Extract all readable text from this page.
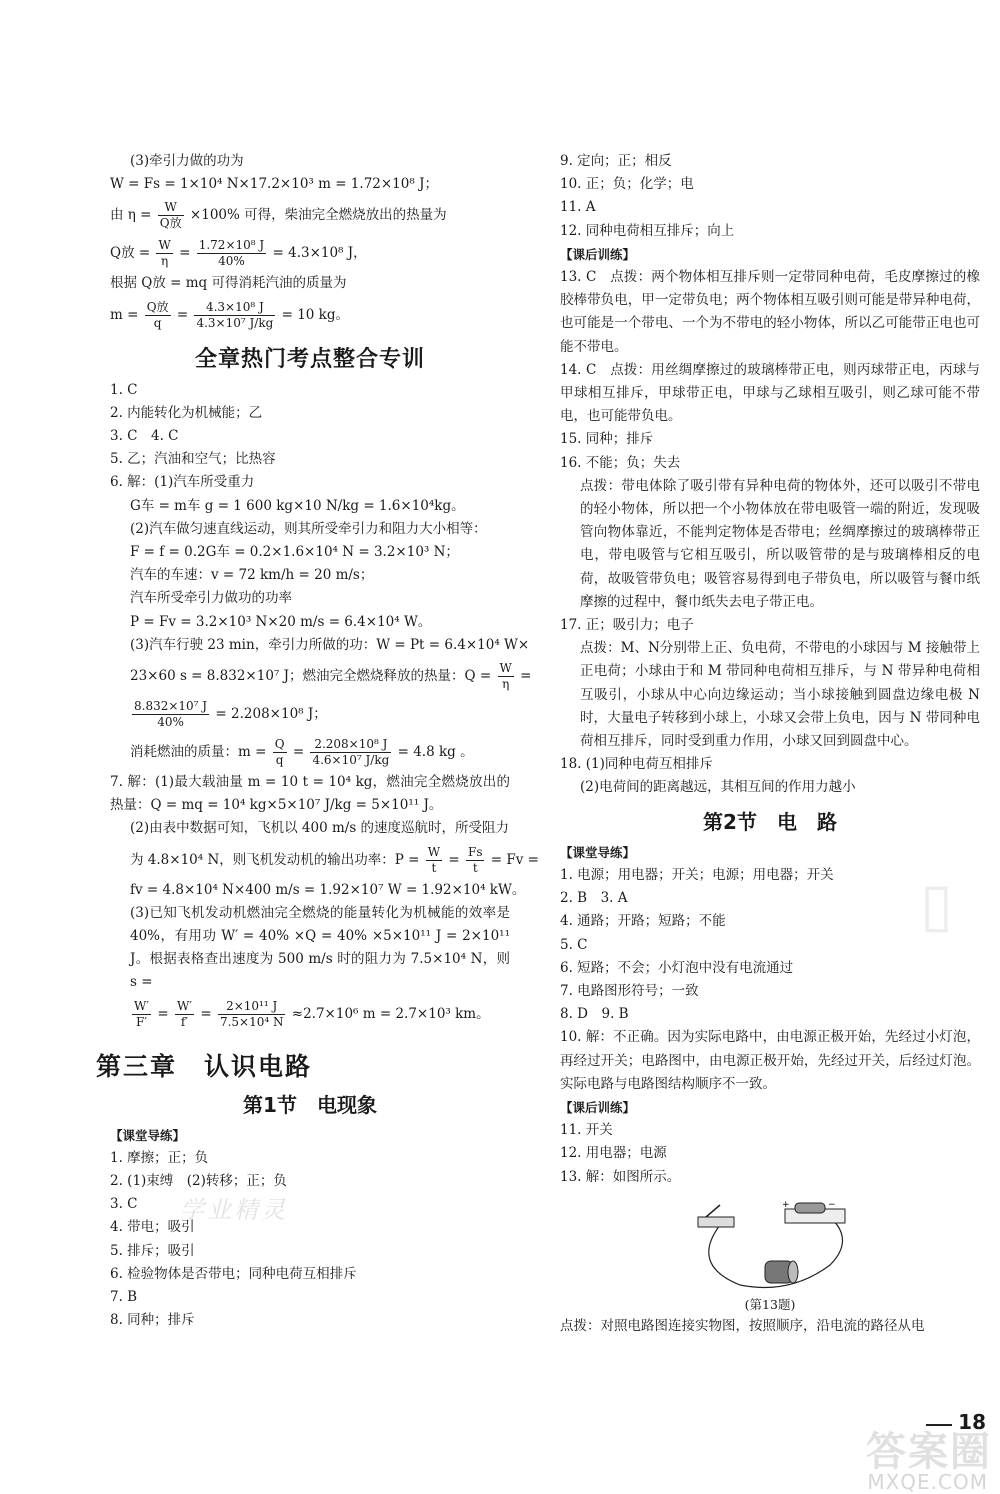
学业精灵
(3)牵引力做的功为
W = Fs = 1×10⁴ N×17.2×10³ m = 1.72×10⁸ J；
由 $\eta = \frac{W}{\text{Q放}} \times 100\%$ 可得，柴油完全燃烧放出的热量为
Q放 = $\frac{W}{\eta} = \frac{\text{1.72×10⁸ J}}{40\%} = 4.3\times 10^8$ J，
根据 Q放 = mq 可得消耗汽油的质量为
$m = \frac{\text{Q放}}{q} = \frac{\text{4.3×10⁸ J}}{\text{4.3×10⁷ J/kg}} = 10$ kg。
全章热门考点整合专训
1. C
2. 内能转化为机械能；乙
3. C　4. C
5. 乙；汽油和空气；比热容
6. 解：(1)汽车所受重力
G车 = m车 g = 1 600 kg×10 N/kg = 1.6×10⁴kg。
(2)汽车做匀速直线运动，则其所受牵引力和阻力大小相等：
F = f = 0.2G车 = 0.2×1.6×10⁴ N = 3.2×10³ N；
汽车的车速：v = 72 km/h = 20 m/s；
汽车所受牵引力做功的功率
P = Fv = 3.2×10³ N×20 m/s = 6.4×10⁴ W。
(3)汽车行驶 23 min，牵引力所做的功：W = Pt = 6.4×10⁴ W×
23×60 s = 8.832×10⁷ J；燃油完全燃烧释放的热量：$Q = \frac{W}{\eta}$ =
$\frac{\text{8.832×10⁷ J}}{40\%} = 2.208\times 10^8$ J；
消耗燃油的质量：$m = \frac{Q}{q} = \frac{\text{2.208×10⁸ J}}{\text{4.6×10⁷ J/kg}} = 4.8$ kg 。
7. 解：(1)最大载油量 m = 10 t = 10⁴ kg，燃油完全燃烧放出的热量：Q = mq = 10⁴ kg×5×10⁷ J/kg = 5×10¹¹ J。
(2)由表中数据可知，飞机以 400 m/s 的速度巡航时，所受阻力
为 4.8×10⁴ N，则飞机发动机的输出功率：$P = \frac{W}{t} = \frac{Fs}{t} = Fv$ =
fv = 4.8×10⁴ N×400 m/s = 1.92×10⁷ W = 1.92×10⁴ kW。
(3)已知飞机发动机燃油完全燃烧的能量转化为机械能的效率是40%，有用功 W′ = 40% ×Q = 40% ×5×10¹¹ J = 2×10¹¹ J。根据表格查出速度为 500 m/s 时的阻力为 7.5×10⁴ N，则 s =
$\frac{W'}{F'} = \frac{W'}{f'} = \frac{\text{2×10¹¹ J}}{\text{7.5×10⁴ N}} \approx 2.7\times 10^6$ m = 2.7×10³ km。
第三章　认识电路
第1节　电现象
【课堂导练】
1. 摩擦；正；负
2. (1)束缚　(2)转移；正；负
3. C
4. 带电；吸引
5. 排斥；吸引
6. 检验物体是否带电；同种电荷互相排斥
7. B
8. 同种；排斥
9. 定向；正；相反
10. 正；负；化学；电
11. A
12. 同种电荷相互排斥；向上
【课后训练】
13. C　点拨：两个物体相互排斥则一定带同种电荷，毛皮摩擦过的橡胶棒带负电，甲一定带负电；两个物体相互吸引则可能是带异种电荷，也可能是一个带电、一个为不带电的轻小物体，所以乙可能带正电也可能不带电。
14. C　点拨：用丝绸摩擦过的玻璃棒带正电，则丙球带正电，丙球与甲球相互排斥，甲球带正电，甲球与乙球相互吸引，则乙球可能不带电，也可能带负电。
15. 同种；排斥
16. 不能；负；失去
点拨：带电体除了吸引带有异种电荷的物体外，还可以吸引不带电的轻小物体，所以把一个小物体放在带电吸管一端的附近，发现吸管向物体靠近，不能判定物体是否带电；丝绸摩擦过的玻璃棒带正电，带电吸管与它相互吸引，所以吸管带的是与玻璃棒相反的电荷，故吸管带负电；吸管容易得到电子带负电，所以吸管与餐巾纸摩擦的过程中，餐巾纸失去电子带正电。
17. 正；吸引力；电子
点拨：M、N分别带上正、负电荷，不带电的小球因与 M 接触带上正电荷；小球由于和 M 带同种电荷相互排斥，与 N 带异种电荷相互吸引，小球从中心向边缘运动；当小球接触到圆盘边缘电极 N 时，大量电子转移到小球上，小球又会带上负电，因与 N 带同种电荷相互排斥，同时受到重力作用，小球又回到圆盘中心。
18. (1)同种电荷互相排斥
(2)电荷间的距离越远，其相互间的作用力越小
第2节　电　路
【课堂导练】
1. 电源；用电器；开关；电源；用电器；开关
2. B　3. A
4. 通路；开路；短路；不能
5. C
6. 短路；不会；小灯泡中没有电流通过
7. 电路图形符号；一致
8. D　9. B
10. 解：不正确。因为实际电路中，由电源正极开始，先经过小灯泡，再经过开关；电路图中，由电源正极开始，先经过开关，后经过灯泡。实际电路与电路图结构顺序不一致。
【课后训练】
11. 开关
12. 用电器；电源
13. 解：如图所示。
+	−
(第13题)
点拨：对照电路图连接实物图，按照顺序，沿电流的路径从电
▯
18
答案圈
MXQE.COM
